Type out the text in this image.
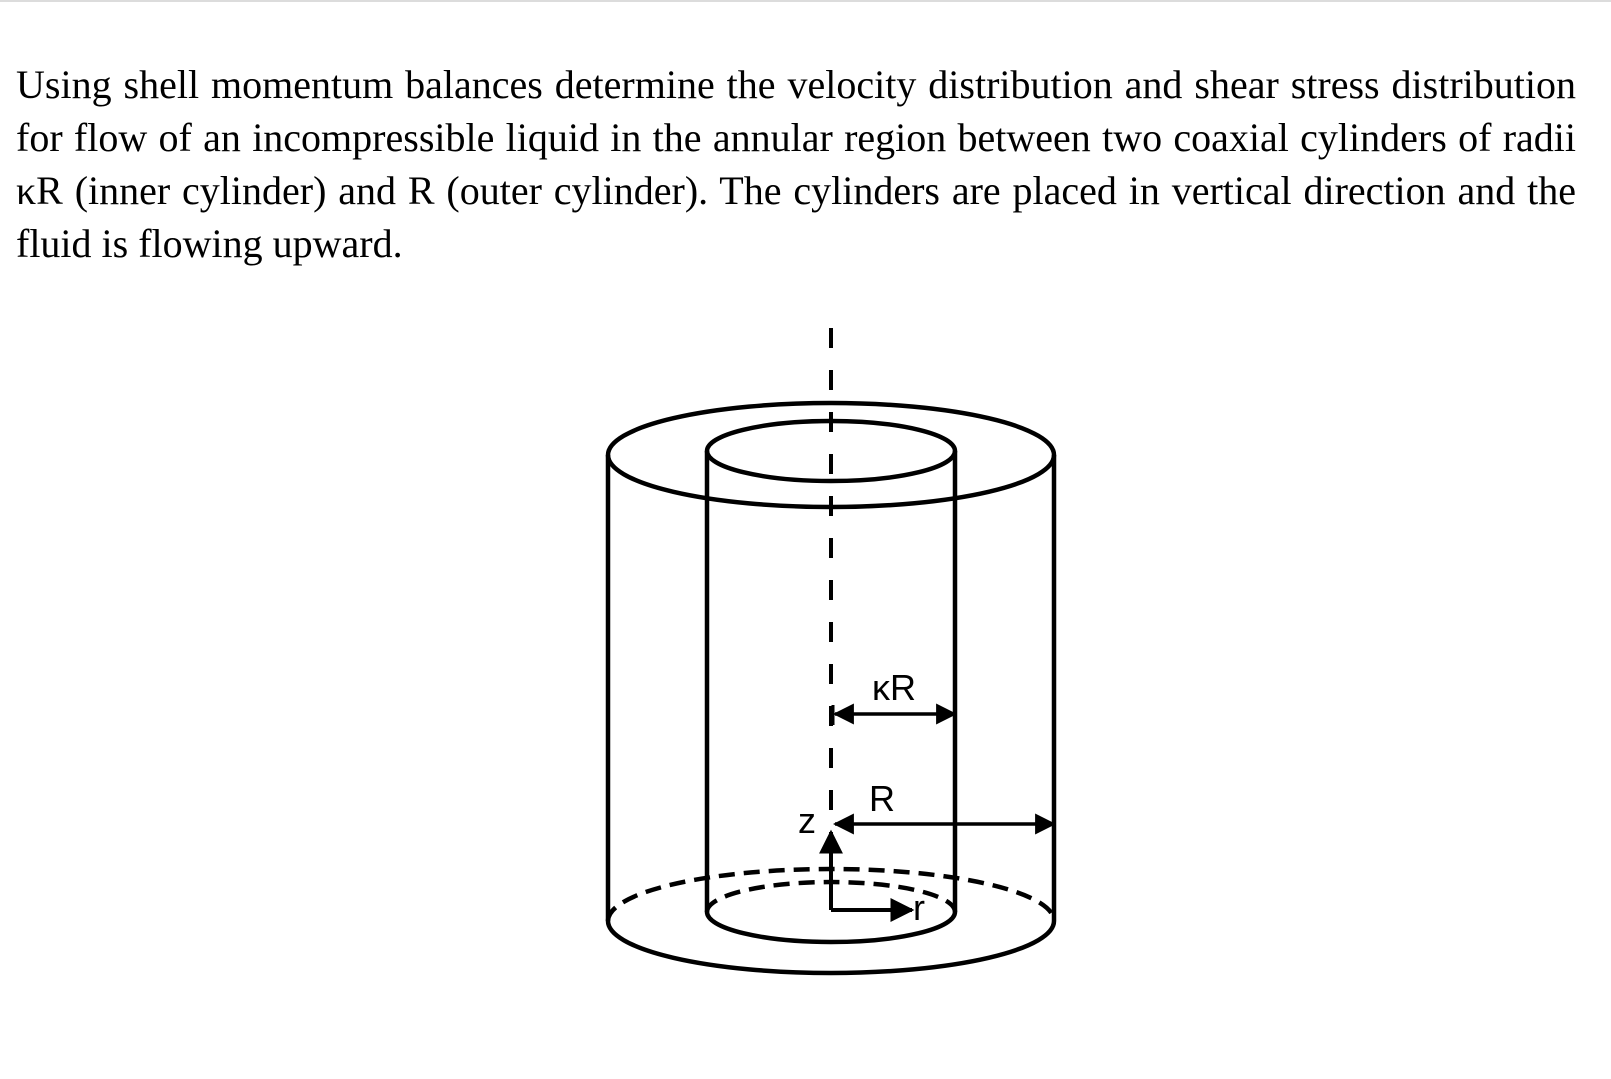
Using shell momentum balances determine the velocity distribution and shear stress distribution for flow of an incompressible liquid in the annular region between two coaxial cylinders of radii κR (inner cylinder) and R (outer cylinder). The cylinders are placed in vertical direction and the fluid is flowing upward.

κR
R
z
r
